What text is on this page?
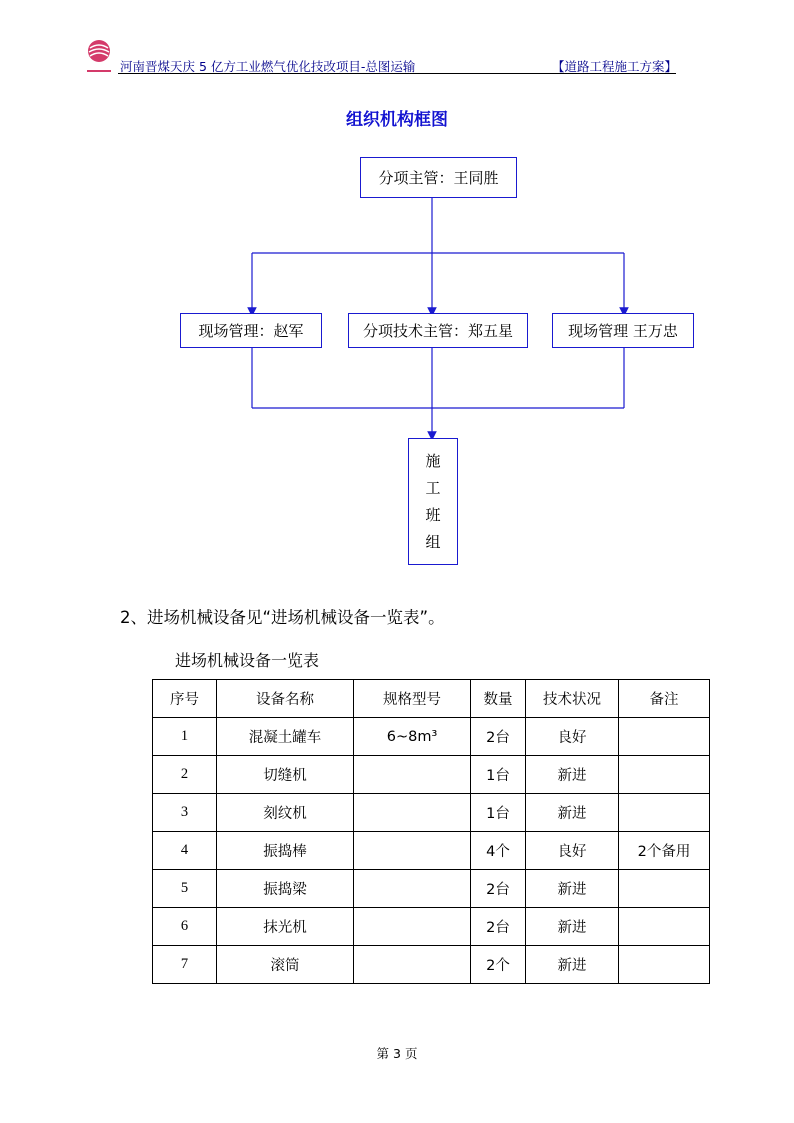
河南晋煤天庆 5 亿方工业燃气优化技改项目-总图运输	【道路工程施工方案】
组织机构框图
分项主管：王同胜
现场管理：赵军	分项技术主管：郑五星	现场管理 王万忠
施
工
班
组
2、进场机械设备见“进场机械设备一览表”。
进场机械设备一览表
序号	设备名称	规格型号	数量	技术状况	备注
1	混凝土罐车	6~8m³	2台	良好	
2	切缝机		1台	新进	
3	刻纹机		1台	新进	
4	振捣棒		4个	良好	2个备用
5	振捣梁		2台	新进	
6	抹光机		2台	新进	
7	滚筒		2个	新进	
第 3 页
